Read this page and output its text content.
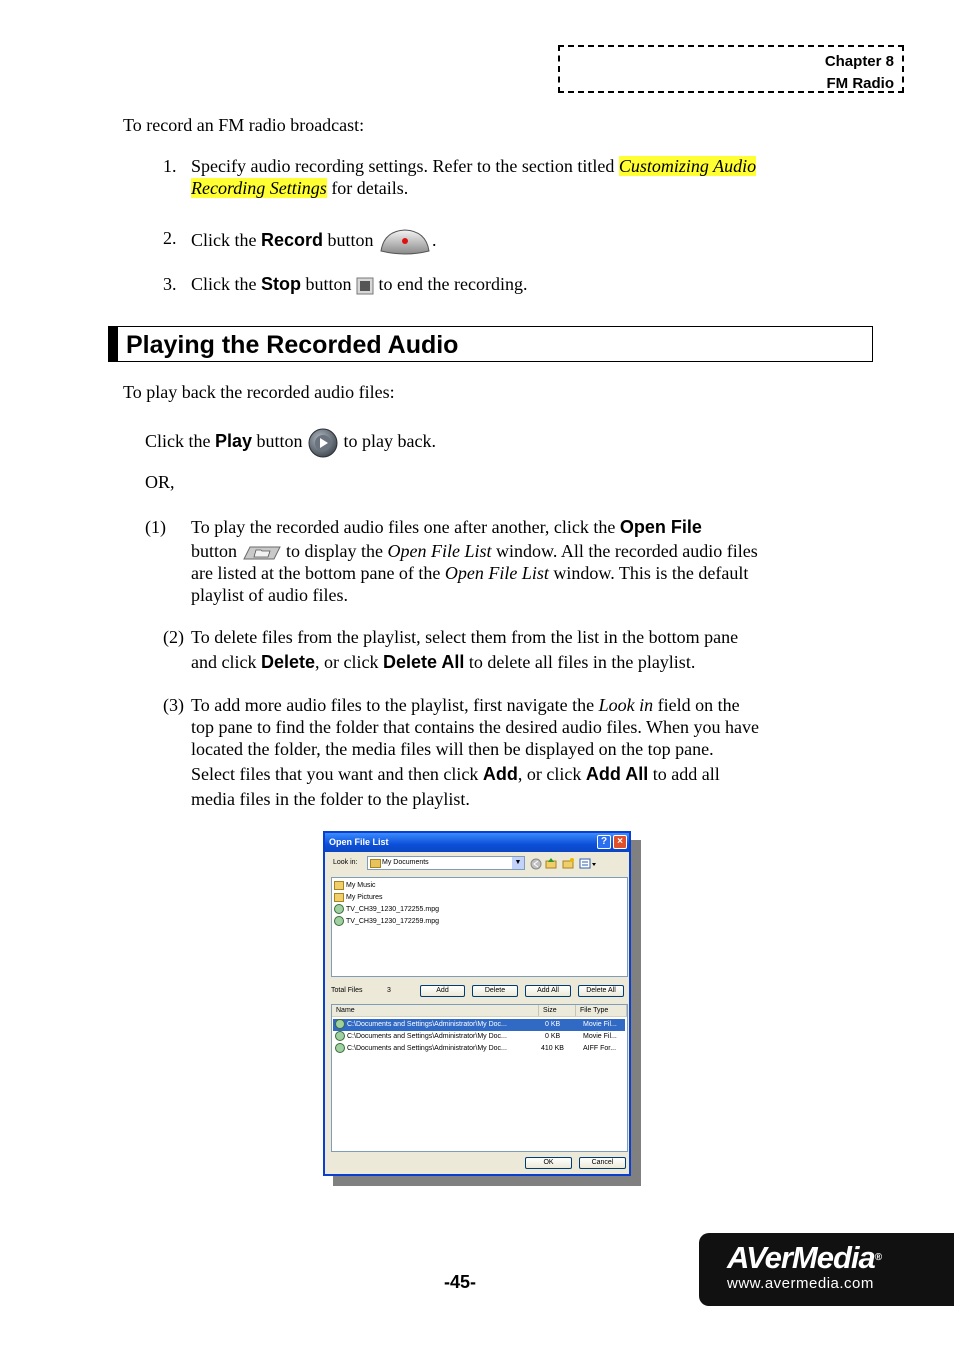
Chapter 8
FM Radio
To record an FM radio broadcast:
1. Specify audio recording settings. Refer to the section titled Customizing Audio
Recording Settings for details.
2. Click the Record button	.
3. Click the Stop button  to end the recording.
Playing the Recorded Audio
To play back the recorded audio files:
Click the Play button  to play back.
OR,
(1) To play the recorded audio files one after another, click the Open File
button  to display the Open File List window. All the recorded audio files
are listed at the bottom pane of the Open File List window. This is the default
playlist of audio files.
(2) To delete files from the playlist, select them from the list in the bottom pane
and click Delete, or click Delete All to delete all files in the playlist.
(3) To add more audio files to the playlist, first navigate the Look in field on the
top pane to find the folder that contains the desired audio files. When you have
located the folder, the media files will then be displayed on the top pane.
Select files that you want and then click Add, or click Add All to add all
media files in the folder to the playlist.
Open File List	?	×
Look in:	My Documents	▼
My Music
My Pictures
TV_CH39_1230_172255.mpg
TV_CH39_1230_172259.mpg
Total Files	3	Add	Delete	Add All	Delete All
Name	Size	File Type
C:\Documents and Settings\Administrator\My Doc...	0 KB	Movie Fil...
C:\Documents and Settings\Administrator\My Doc...	0 KB	Movie Fil...
C:\Documents and Settings\Administrator\My Doc...	410 KB	AIFF For...
OK	Cancel
-45-
AVerMedia®
www.avermedia.com
